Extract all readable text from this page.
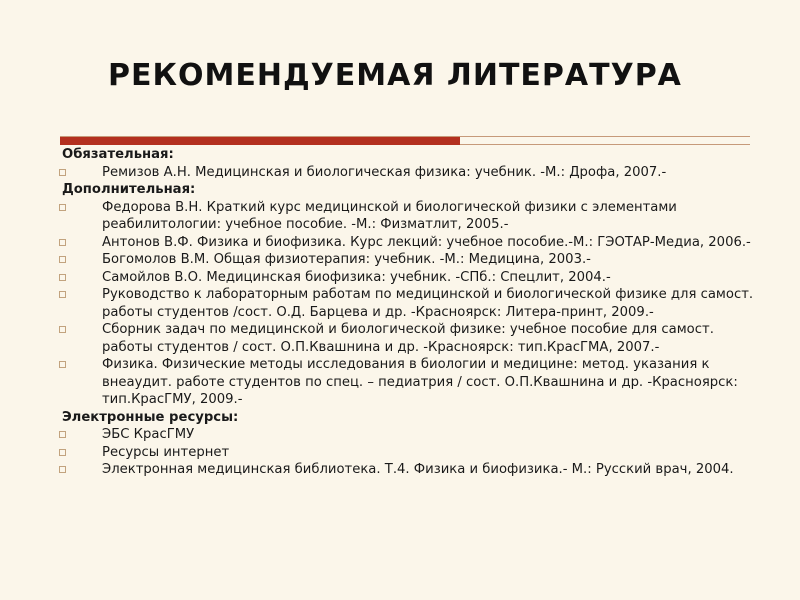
РЕКОМЕНДУЕМАЯ ЛИТЕРАТУРА

Обязательная:

Ремизов А.Н. Медицинская и биологическая физика: учебник. -М.: Дрофа, 2007.-

Дополнительная:

Федорова В.Н. Краткий курс медицинской и биологической физики с элементами реабилитологии: учебное пособие. -М.: Физматлит, 2005.-

Антонов В.Ф. Физика и биофизика. Курс лекций: учебное пособие.-М.: ГЭОТАР-Медиа, 2006.-

Богомолов В.М. Общая физиотерапия: учебник. -М.: Медицина, 2003.-

Самойлов В.О. Медицинская биофизика: учебник. -СПб.: Спецлит, 2004.-

Руководство к лабораторным работам по медицинской и биологической физике для самост. работы студентов /сост. О.Д. Барцева и др. -Красноярск: Литера-принт, 2009.-

Сборник задач по медицинской и биологической физике: учебное пособие для самост. работы студентов / сост. О.П.Квашнина и др. -Красноярск: тип.КрасГМА, 2007.-

Физика. Физические методы исследования в биологии и медицине: метод. указания к внеаудит. работе студентов по спец. – педиатрия / сост. О.П.Квашнина и др. -Красноярск: тип.КрасГМУ, 2009.-

Электронные ресурсы:

ЭБС КрасГМУ

Ресурсы интернет

Электронная медицинская библиотека. Т.4. Физика и биофизика.- М.: Русский врач, 2004.
